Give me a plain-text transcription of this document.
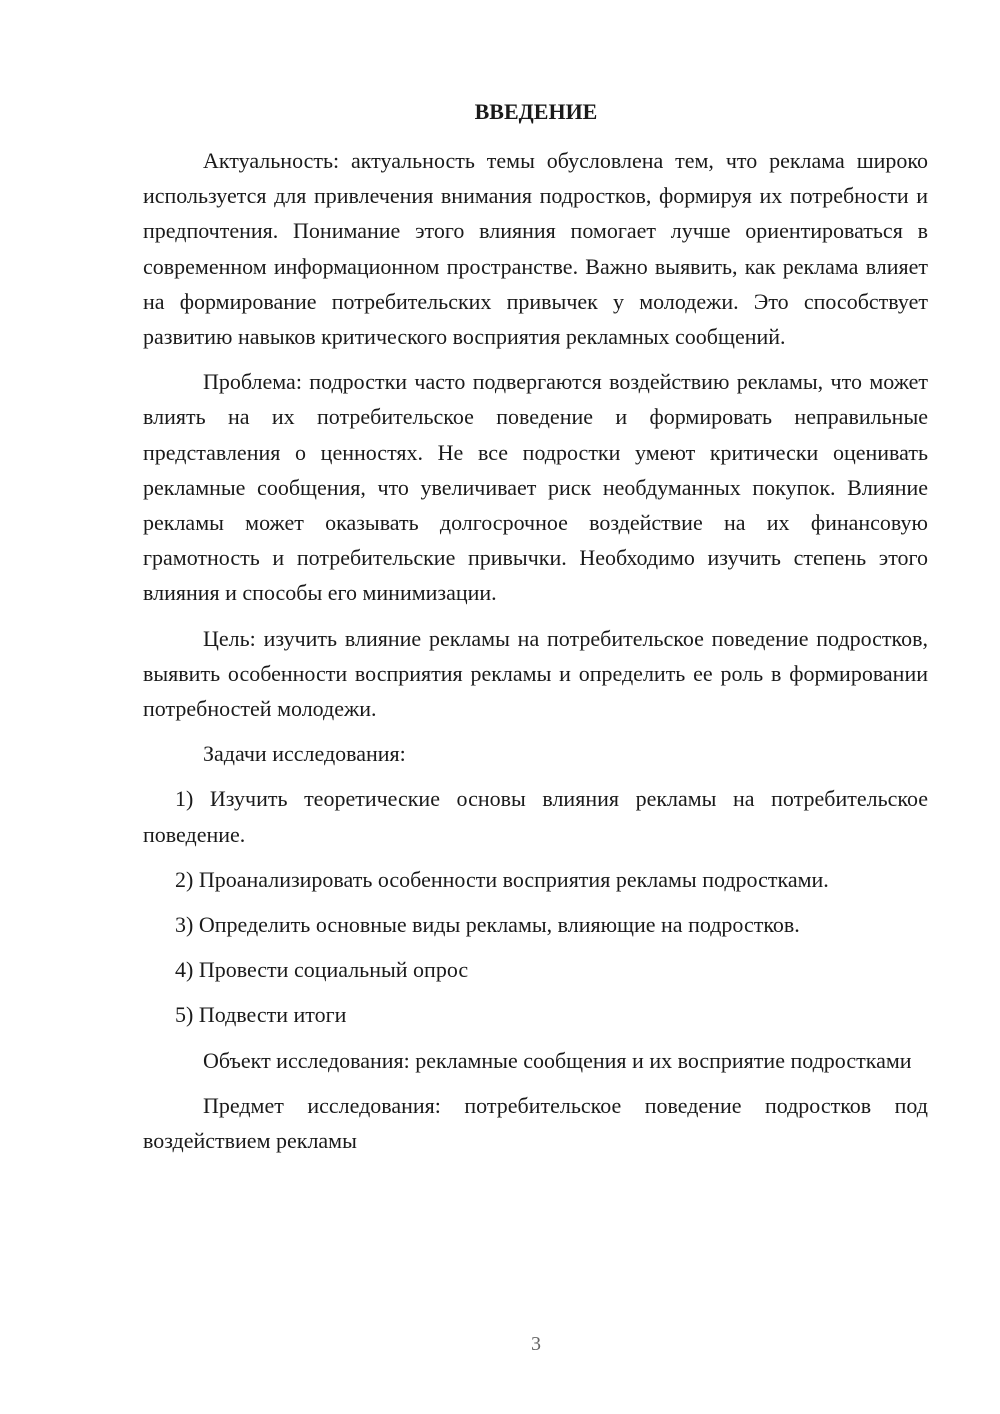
ВВЕДЕНИЕ

Актуальность: актуальность темы обусловлена тем, что реклама широко используется для привлечения внимания подростков, формируя их потребности и предпочтения. Понимание этого влияния помогает лучше ориентироваться в современном информационном пространстве. Важно выявить, как реклама влияет на формирование потребительских привычек у молодежи. Это способствует развитию навыков критического восприятия рекламных сообщений.

Проблема: подростки часто подвергаются воздействию рекламы, что может влиять на их потребительское поведение и формировать неправильные представления о ценностях. Не все подростки умеют критически оценивать рекламные сообщения, что увеличивает риск необдуманных покупок. Влияние рекламы может оказывать долгосрочное воздействие на их финансовую грамотность и потребительские привычки. Необходимо изучить степень этого влияния и способы его минимизации.

Цель: изучить влияние рекламы на потребительское поведение подростков, выявить особенности восприятия рекламы и определить ее роль в формировании потребностей молодежи.

Задачи исследования:

1) Изучить теоретические основы влияния рекламы на потребительское поведение.

2) Проанализировать особенности восприятия рекламы подростками.

3) Определить основные виды рекламы, влияющие на подростков.

4) Провести социальный опрос

5) Подвести итоги

Объект исследования: рекламные сообщения и их восприятие подростками

Предмет исследования: потребительское поведение подростков под воздействием рекламы

3
